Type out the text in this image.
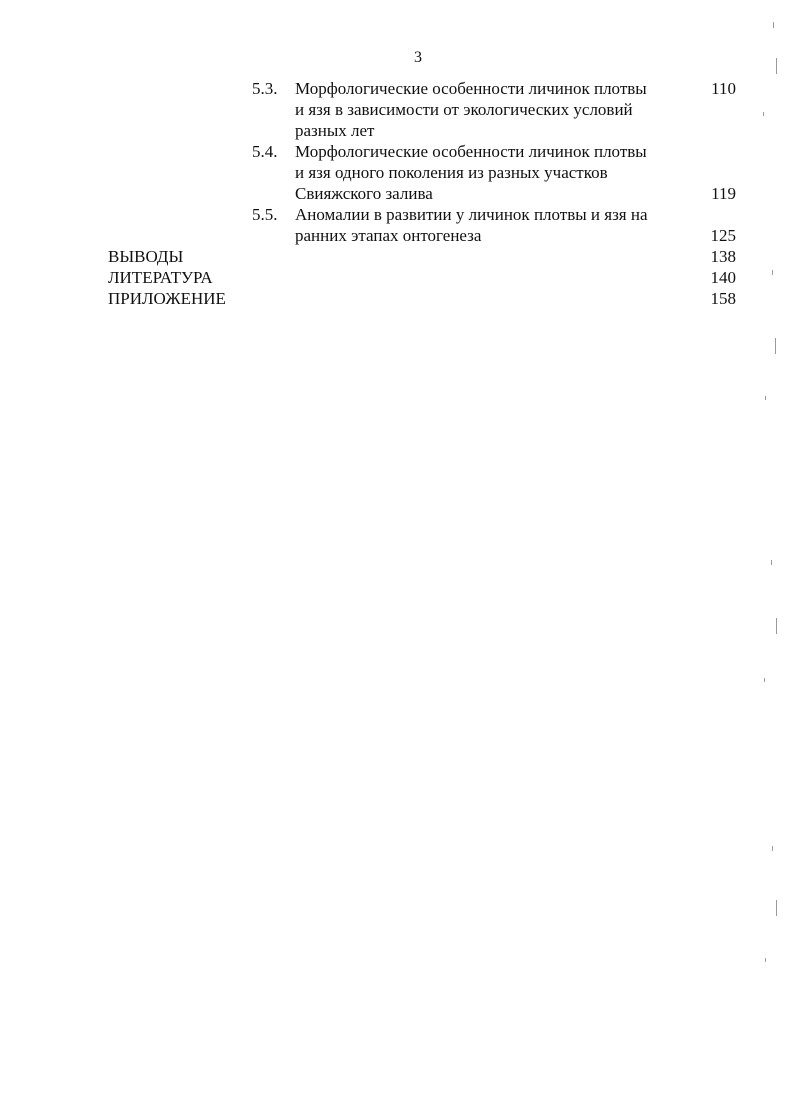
3
5.3.	Морфологические особенности личинок плотвы
и язя в зависимости от экологических условий
разных лет
110
5.4.	Морфологические особенности личинок плотвы
и язя одного поколения из разных участков
Свияжского залива	119
5.5.	Аномалии в развитии у личинок плотвы и язя на
ранних этапах онтогенеза	125
ВЫВОДЫ	138
ЛИТЕРАТУРА	140
ПРИЛОЖЕНИЕ	158
